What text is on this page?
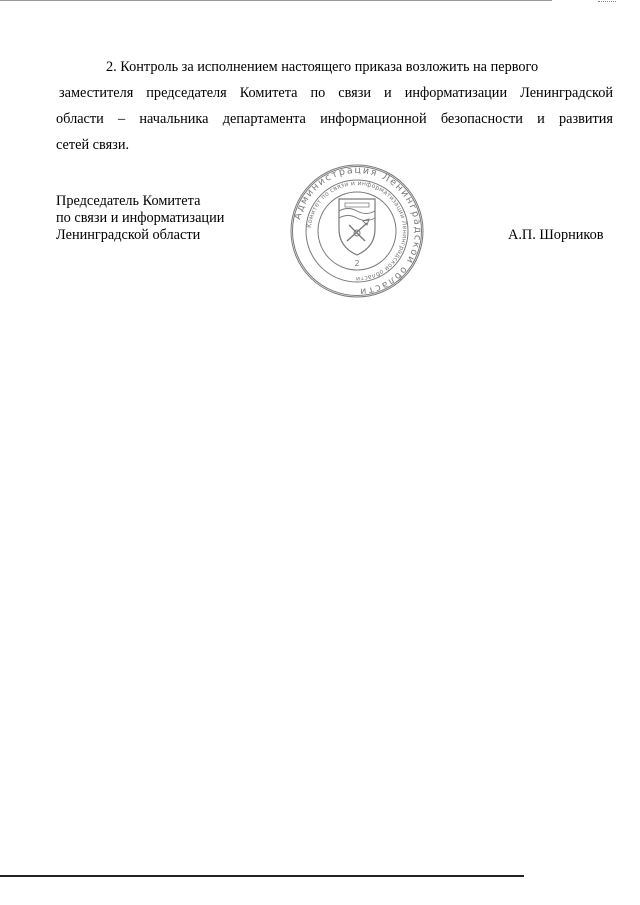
2. Контроль за исполнением настоящего приказа возложить на первого
заместителя председателя Комитета по связи и информатизации Ленинградской
области – начальника департамента информационной безопасности и развития
сетей связи.

Председатель Комитета
по связи и информатизации
Ленинградской области	А.П. Шорников
Администрация Ленинградской области
Комитет по связи и информатизации Ленинградской области
2
